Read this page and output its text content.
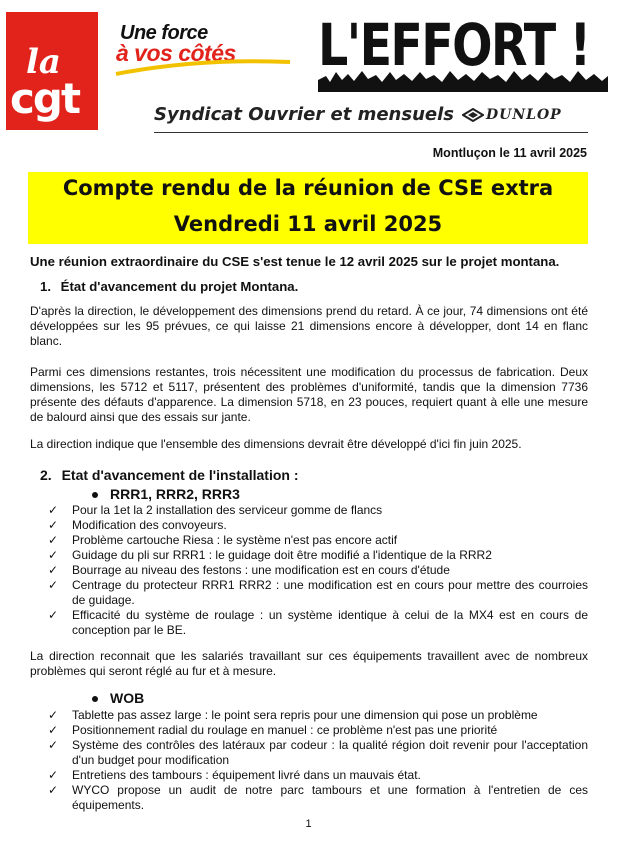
la
cgt
Une force
à vos côtés L'EFFORT !
Syndicat Ouvrier et mensuels DUNLOP
Montluçon le 11 avril 2025
Compte rendu de la réunion de CSE extra
Vendredi 11 avril 2025
Une réunion extraordinaire du CSE s'est tenue le 12 avril 2025 sur le projet montana.
1. État d'avancement du projet Montana.

D'après la direction, le développement des dimensions prend du retard. À ce jour, 74 dimensions ont été développées sur les 95 prévues, ce qui laisse 21 dimensions encore à développer, dont 14 en flanc blanc.

Parmi ces dimensions restantes, trois nécessitent une modification du processus de fabrication. Deux dimensions, les 5712 et 5117, présentent des problèmes d'uniformité, tandis que la dimension 7736 présente des défauts d'apparence. La dimension 5718, en 23 pouces, requiert quant à elle une mesure de balourd ainsi que des essais sur jante.

La direction indique que l'ensemble des dimensions devrait être développé d'ici fin juin 2025.

2. Etat d'avancement de l'installation :
RRR1, RRR2, RRR3
✓ Pour la 1et la 2 installation des serviceur gomme de flancs
✓ Modification des convoyeurs.
✓ Problème cartouche Riesa : le système n'est pas encore actif
✓ Guidage du pli sur RRR1 : le guidage doit être modifié a l'identique de la RRR2
✓ Bourrage au niveau des festons : une modification est en cours d'étude
✓ Centrage du protecteur RRR1 RRR2 : une modification est en cours pour mettre des courroies de guidage.
✓ Efficacité du système de roulage : un système identique à celui de la MX4 est en cours de conception par le BE.

La direction reconnait que les salariés travaillant sur ces équipements travaillent avec de nombreux problèmes qui seront réglé au fur et à mesure.

WOB
✓ Tablette pas assez large : le point sera repris pour une dimension qui pose un problème
✓ Positionnement radial du roulage en manuel : ce problème n'est pas une priorité
✓ Système des contrôles des latéraux par codeur : la qualité région doit revenir pour l'acceptation d'un budget pour modification
✓ Entretiens des tambours : équipement livré dans un mauvais état.
✓ WYCO propose un audit de notre parc tambours et une formation à l'entretien de ces équipements.
1
